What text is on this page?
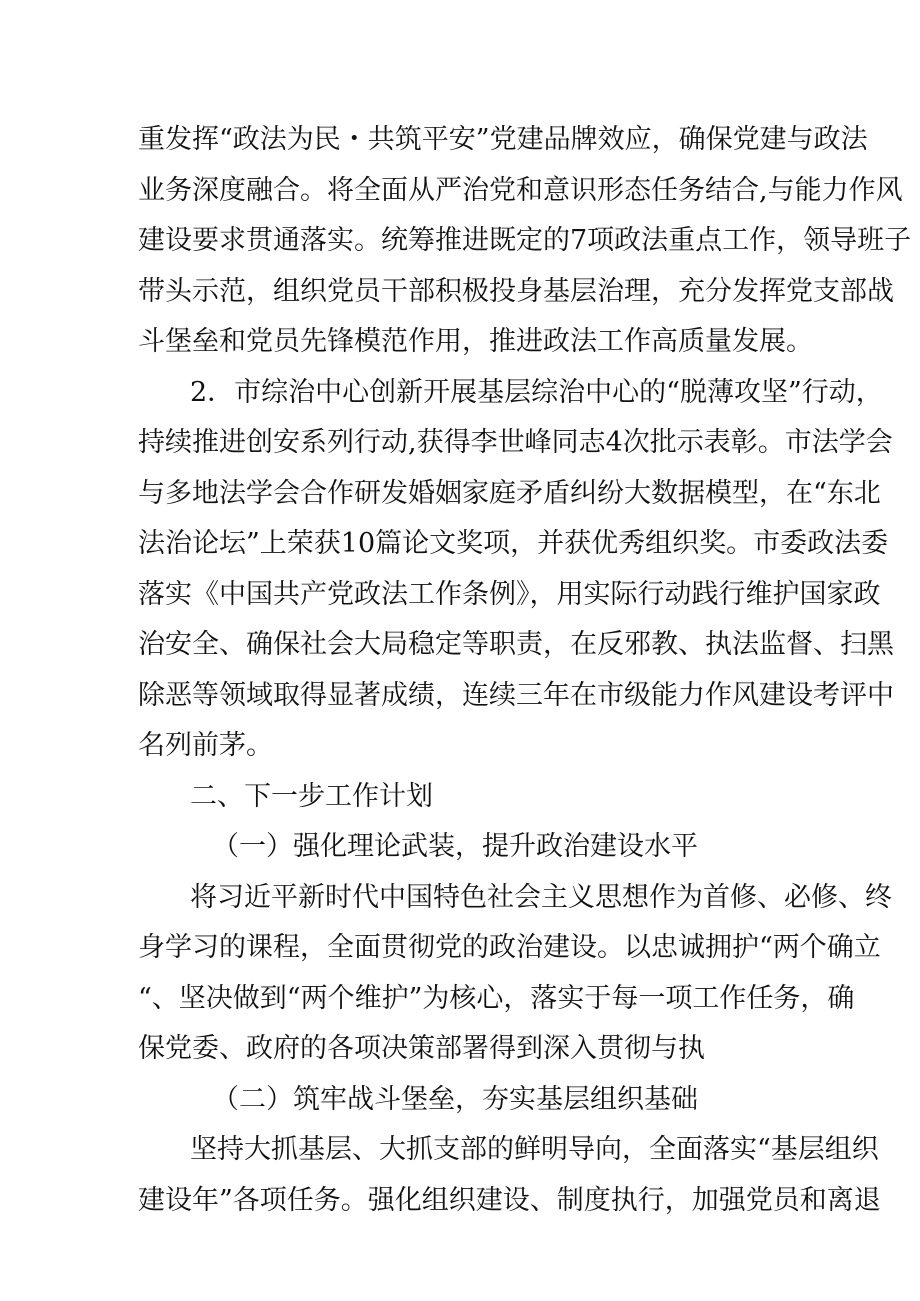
重发挥“政法为民・共筑平安”党建品牌效应，确保党建与政法
业务深度融合。将全面从严治党和意识形态任务结合,与能力作风
建设要求贯通落实。统筹推进既定的7项政法重点工作，领导班子
带头示范，组织党员干部积极投身基层治理，充分发挥党支部战
斗堡垒和党员先锋模范作用，推进政法工作高质量发展。
2．市综治中心创新开展基层综治中心的“脱薄攻坚”行动，
持续推进创安系列行动,获得李世峰同志4次批示表彰。市法学会
与多地法学会合作研发婚姻家庭矛盾纠纷大数据模型，在“东北
法治论坛”上荣获10篇论文奖项，并获优秀组织奖。市委政法委
落实《中国共产党政法工作条例》，用实际行动践行维护国家政
治安全、确保社会大局稳定等职责，在反邪教、执法监督、扫黑
除恶等领域取得显著成绩，连续三年在市级能力作风建设考评中
名列前茅。
二、下一步工作计划
（一）强化理论武装，提升政治建设水平
将习近平新时代中国特色社会主义思想作为首修、必修、终
身学习的课程，全面贯彻党的政治建设。以忠诚拥护“两个确立
“、坚决做到“两个维护”为核心，落实于每一项工作任务，确
保党委、政府的各项决策部署得到深入贯彻与执
（二）筑牢战斗堡垒，夯实基层组织基础
坚持大抓基层、大抓支部的鲜明导向，全面落实“基层组织
建设年”各项任务。强化组织建设、制度执行，加强党员和离退
